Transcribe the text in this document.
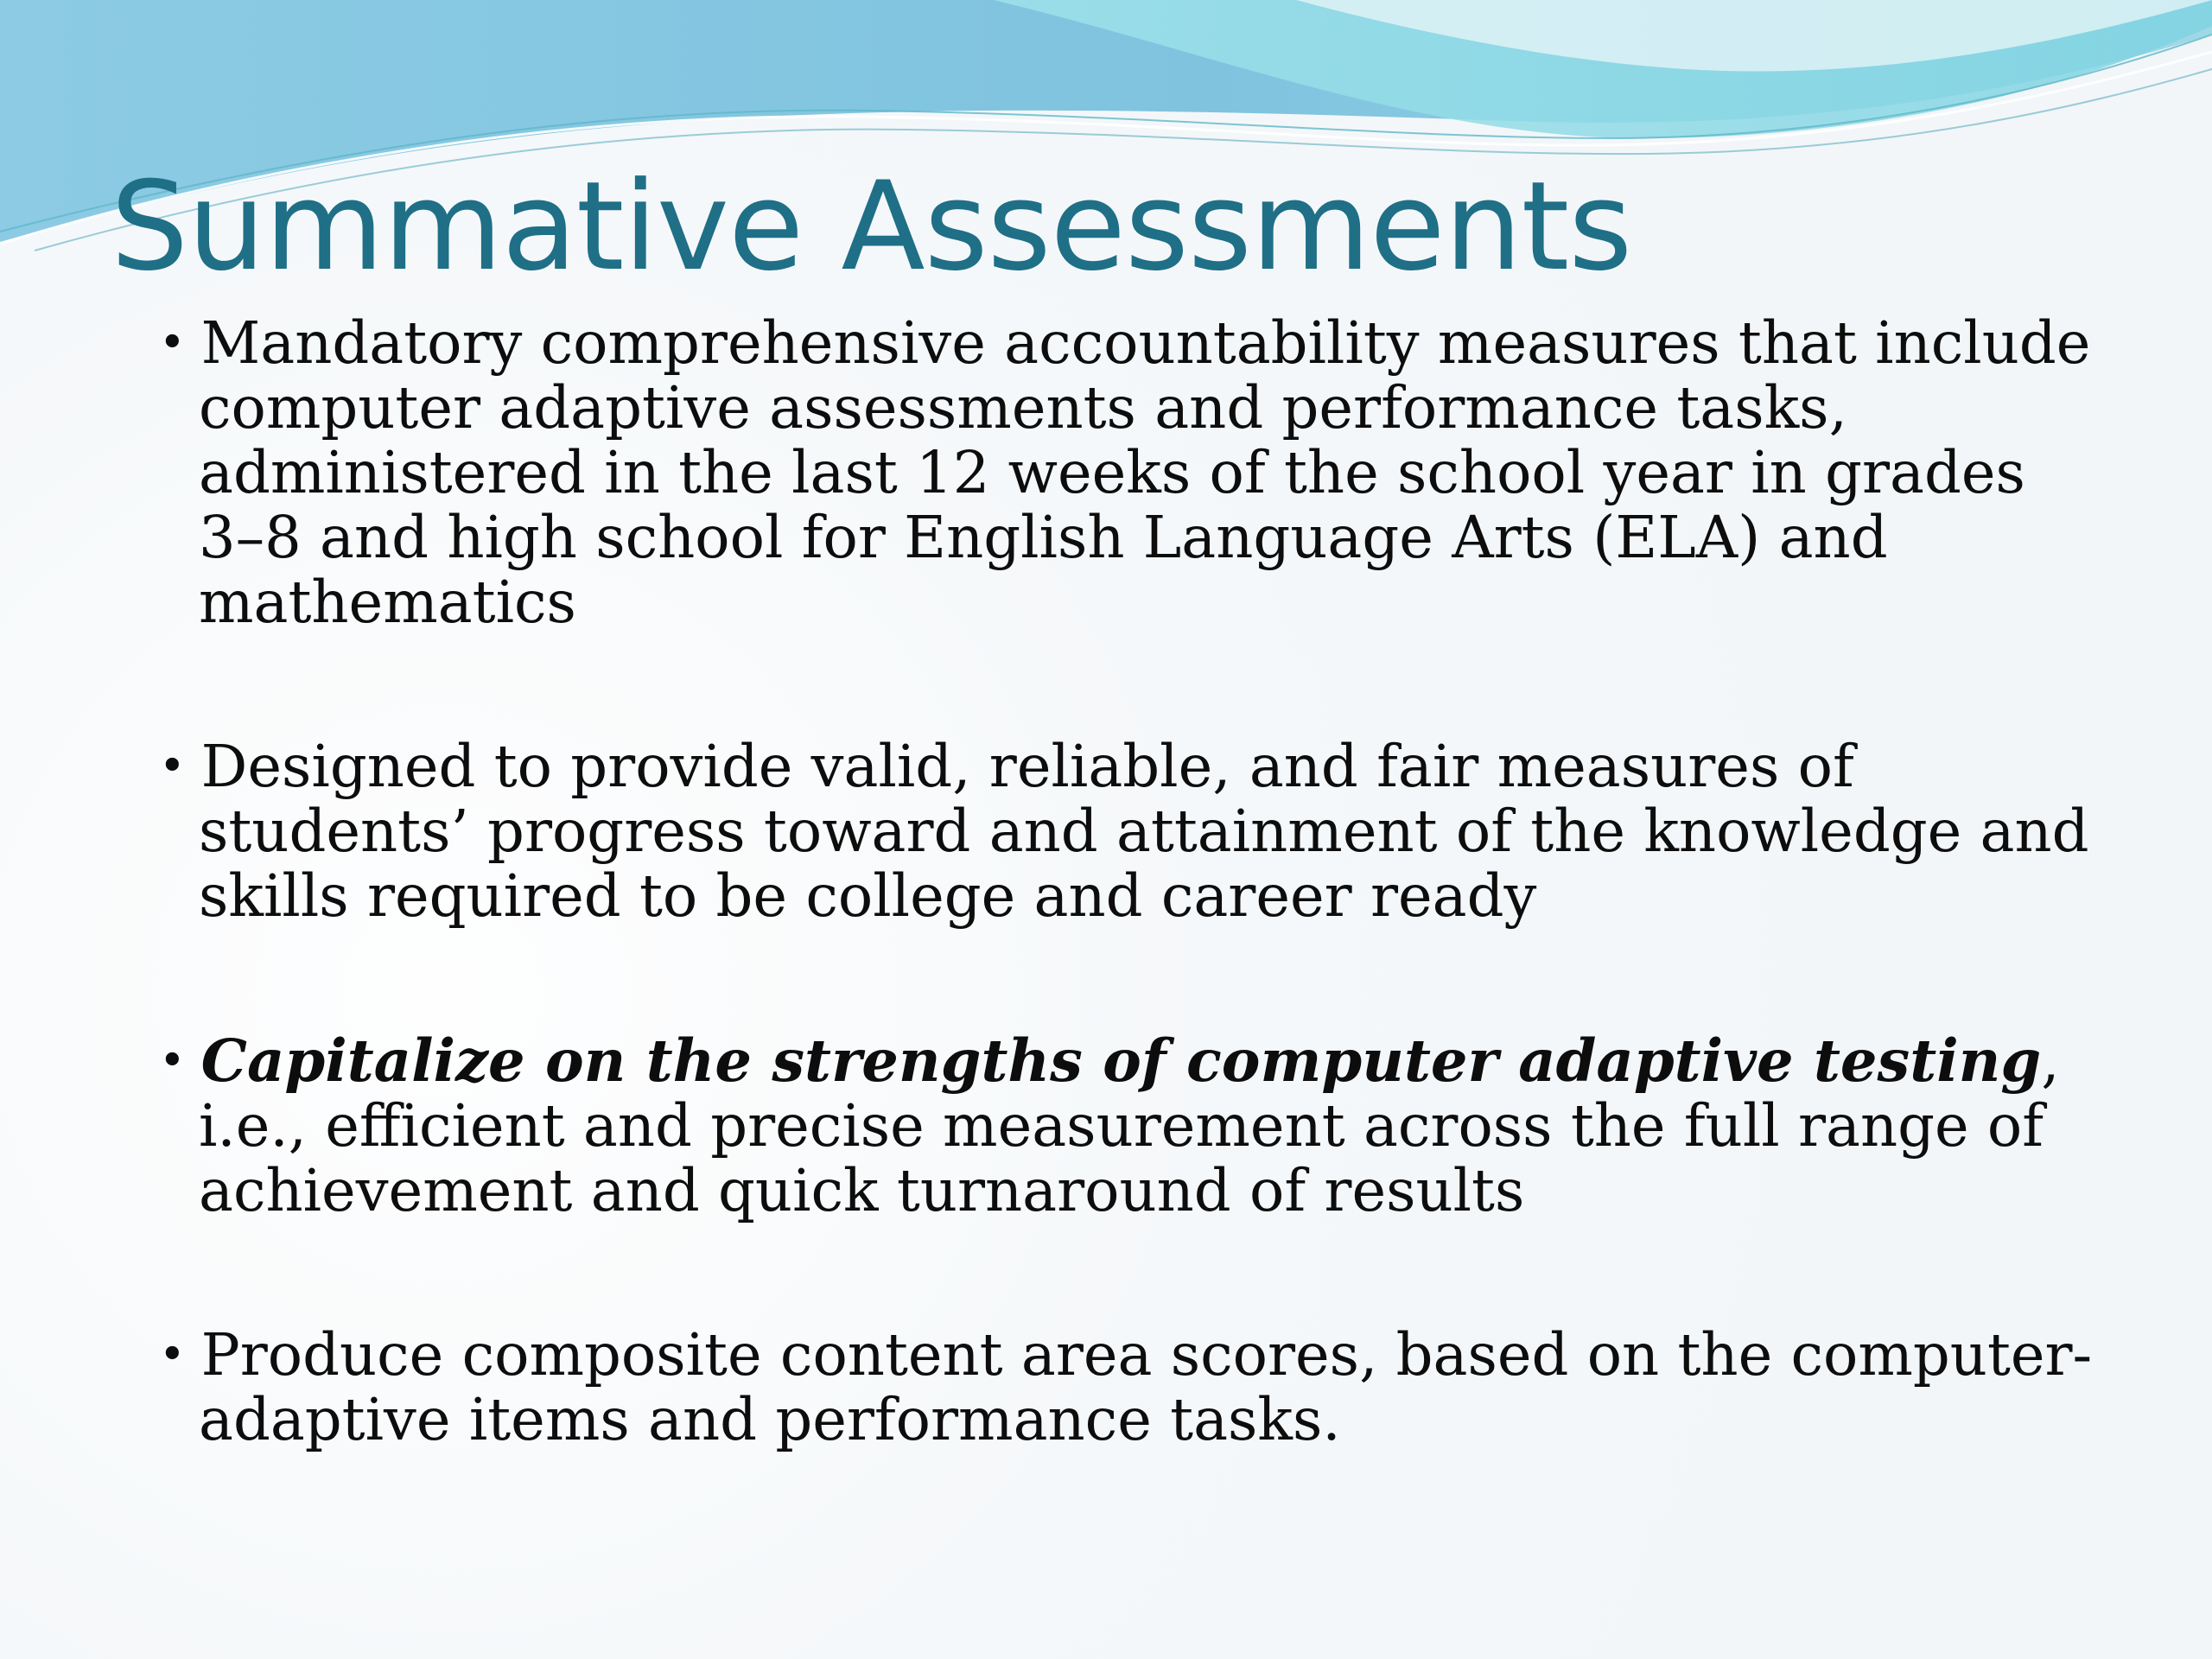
Summative Assessments
• Mandatory comprehensive accountability measures that include computer adaptive assessments and performance tasks, administered in the last 12 weeks of the school year in grades 3–8 and high school for English Language Arts (ELA) and mathematics
• Designed to provide valid, reliable, and fair measures of students’ progress toward and attainment of the knowledge and skills required to be college and career ready
• Capitalize on the strengths of computer adaptive testing, i.e., efficient and precise measurement across the full range of achievement and quick turnaround of results
• Produce composite content area scores, based on the computer-adaptive items and performance tasks.
